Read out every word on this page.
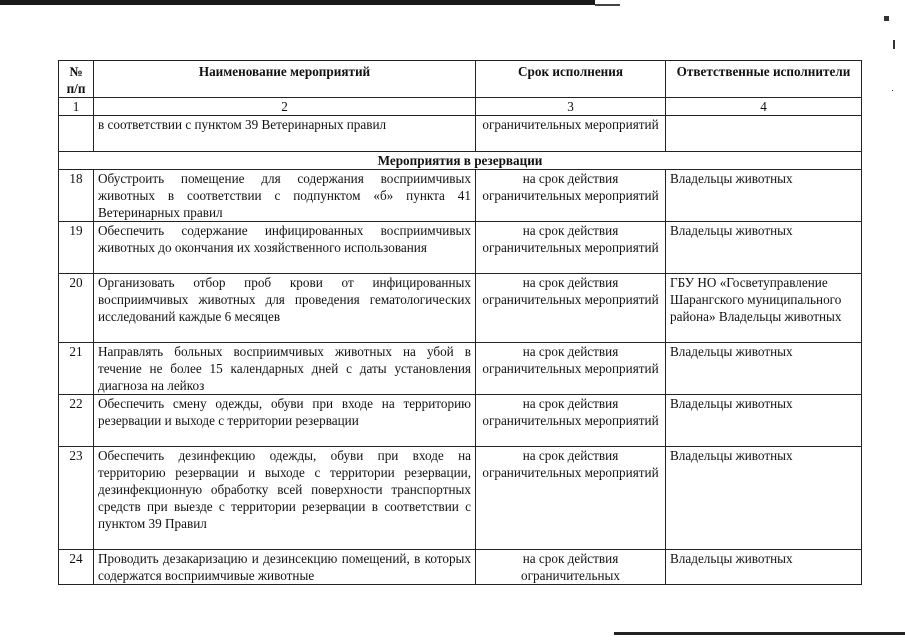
№ п/п	Наименование мероприятий	Срок исполнения	Ответственные исполнители
1	2	3	4
	в соответствии с пунктом 39 Ветеринарных правил	ограничительных мероприятий	
Мероприятия в резервации			
18	Обустроить помещение для содержания восприимчивых животных в соответствии с подпунктом «б» пункта 41 Ветеринарных правил	на срок действия ограничительных мероприятий	Владельцы животных
19	Обеспечить содержание инфицированных восприимчивых животных до окончания их хозяйственного использования	на срок действия ограничительных мероприятий	Владельцы животных
20	Организовать отбор проб крови от инфицированных восприимчивых животных для проведения гематологических исследований каждые 6 месяцев	на срок действия ограничительных мероприятий	ГБУ НО «Госветуправление Шарангского муниципального района» Владельцы животных
21	Направлять больных восприимчивых животных на убой в течение не более 15 календарных дней с даты установления диагноза на лейкоз	на срок действия ограничительных мероприятий	Владельцы животных
22	Обеспечить смену одежды, обуви при входе на территорию резервации и выходе с территории резервации	на срок действия ограничительных мероприятий	Владельцы животных
23	Обеспечить дезинфекцию одежды, обуви при входе на территорию резервации и выходе с территории резервации, дезинфекционную обработку всей поверхности транспортных средств при выезде с территории резервации в соответствии с пунктом 39 Правил	на срок действия ограничительных мероприятий	Владельцы животных
24	Проводить дезакаризацию и дезинсекцию помещений, в которых содержатся восприимчивые животные	на срок действия ограничительных	Владельцы животных
